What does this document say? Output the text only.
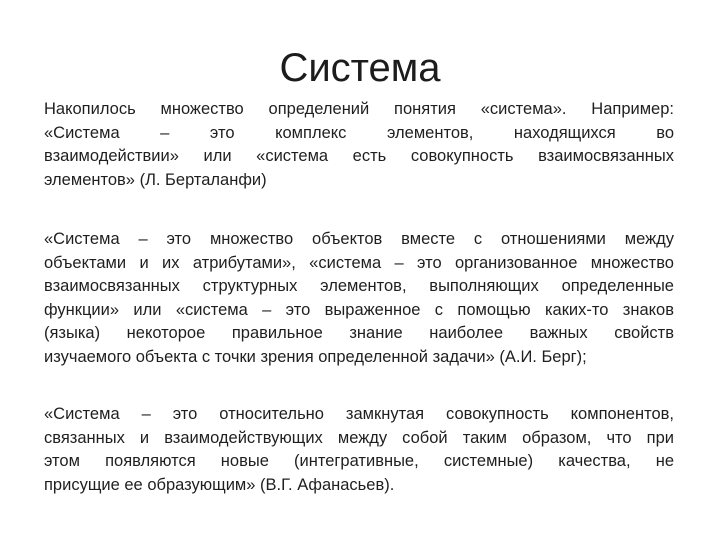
Система
Накопилось множество определений понятия «система». Например:
«Система – это комплекс элементов, находящихся во
взаимодействии» или «система есть совокупность взаимосвязанных
элементов» (Л. Берталанфи)
«Система – это множество объектов вместе с отношениями между
объектами и их атрибутами», «система – это организованное множество
взаимосвязанных структурных элементов, выполняющих определенные
функции» или «система – это выраженное с помощью каких-то знаков
(языка) некоторое правильное знание наиболее важных свойств
изучаемого объекта с точки зрения определенной задачи» (А.И. Берг);
«Система – это относительно замкнутая совокупность компонентов,
связанных и взаимодействующих между собой таким образом, что при
этом появляются новые (интегративные, системные) качества, не
присущие ее образующим» (В.Г. Афанасьев).
